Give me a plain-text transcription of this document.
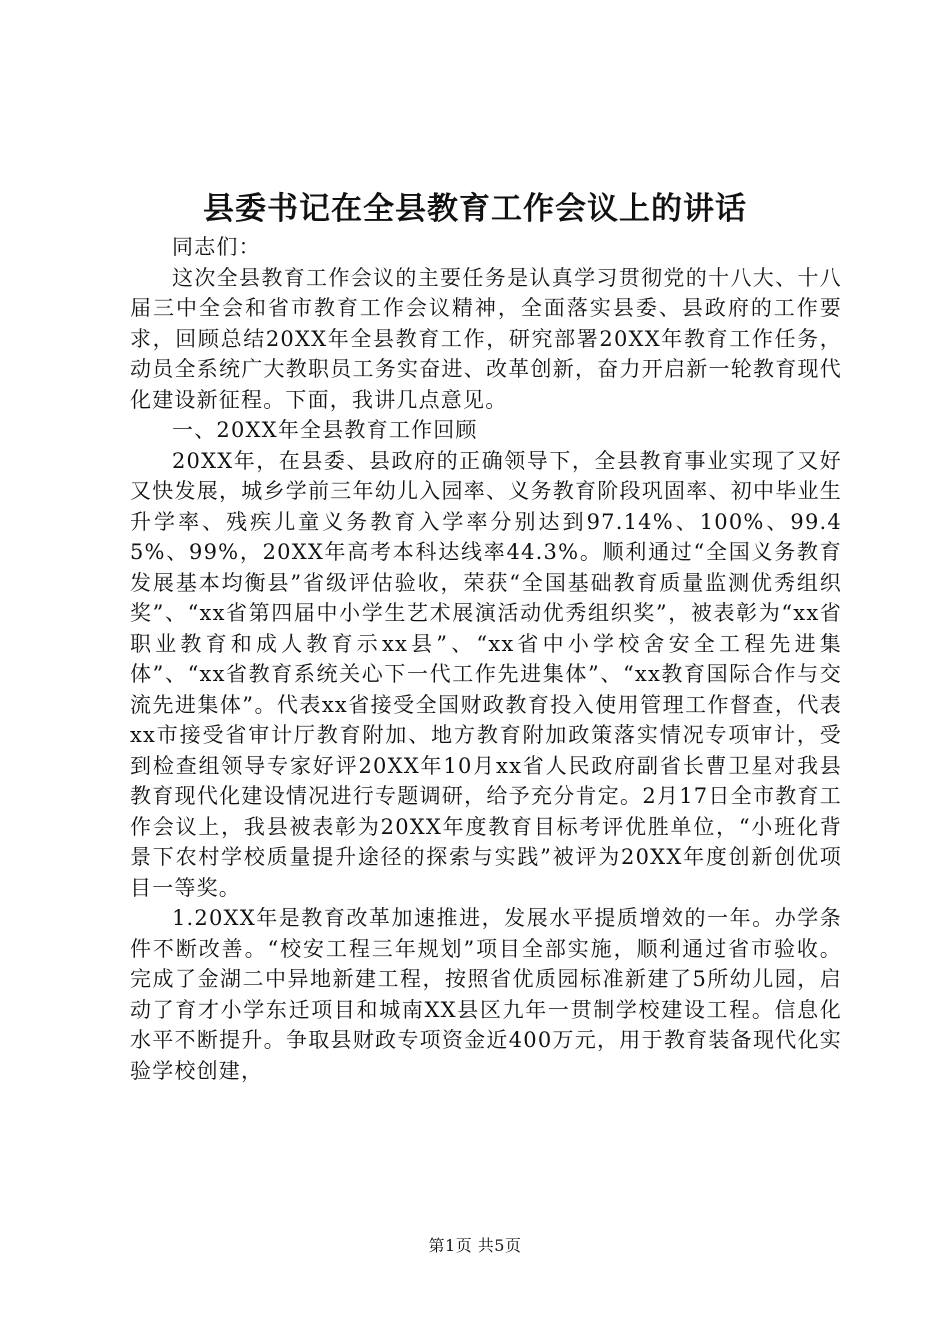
县委书记在全县教育工作会议上的讲话

同志们：

这次全县教育工作会议的主要任务是认真学习贯彻党的十八大、十八届三中全会和省市教育工作会议精神，全面落实县委、县政府的工作要求，回顾总结20XX年全县教育工作，研究部署20XX年教育工作任务，动员全系统广大教职员工务实奋进、改革创新，奋力开启新一轮教育现代化建设新征程。下面，我讲几点意见。

一、20XX年全县教育工作回顾

20XX年，在县委、县政府的正确领导下，全县教育事业实现了又好又快发展，城乡学前三年幼儿入园率、义务教育阶段巩固率、初中毕业生升学率、残疾儿童义务教育入学率分别达到97.14%、100%、99.45%、99%，20XX年高考本科达线率44.3%。顺利通过“全国义务教育发展基本均衡县”省级评估验收，荣获“全国基础教育质量监测优秀组织奖”、“xx省第四届中小学生艺术展演活动优秀组织奖”，被表彰为“xx省职业教育和成人教育示xx县”、“xx省中小学校舍安全工程先进集体”、“xx省教育系统关心下一代工作先进集体”、“xx教育国际合作与交流先进集体”。代表xx省接受全国财政教育投入使用管理工作督查，代表xx市接受省审计厅教育附加、地方教育附加政策落实情况专项审计，受到检查组领导专家好评20XX年10月xx省人民政府副省长曹卫星对我县教育现代化建设情况进行专题调研，给予充分肯定。2月17日全市教育工作会议上，我县被表彰为20XX年度教育目标考评优胜单位，“小班化背景下农村学校质量提升途径的探索与实践”被评为20XX年度创新创优项目一等奖。

1.20XX年是教育改革加速推进，发展水平提质增效的一年。办学条件不断改善。“校安工程三年规划”项目全部实施，顺利通过省市验收。完成了金湖二中异地新建工程，按照省优质园标准新建了5所幼儿园，启动了育才小学东迁项目和城南XX县区九年一贯制学校建设工程。信息化水平不断提升。争取县财政专项资金近400万元，用于教育装备现代化实验学校创建，

第1页 共5页
